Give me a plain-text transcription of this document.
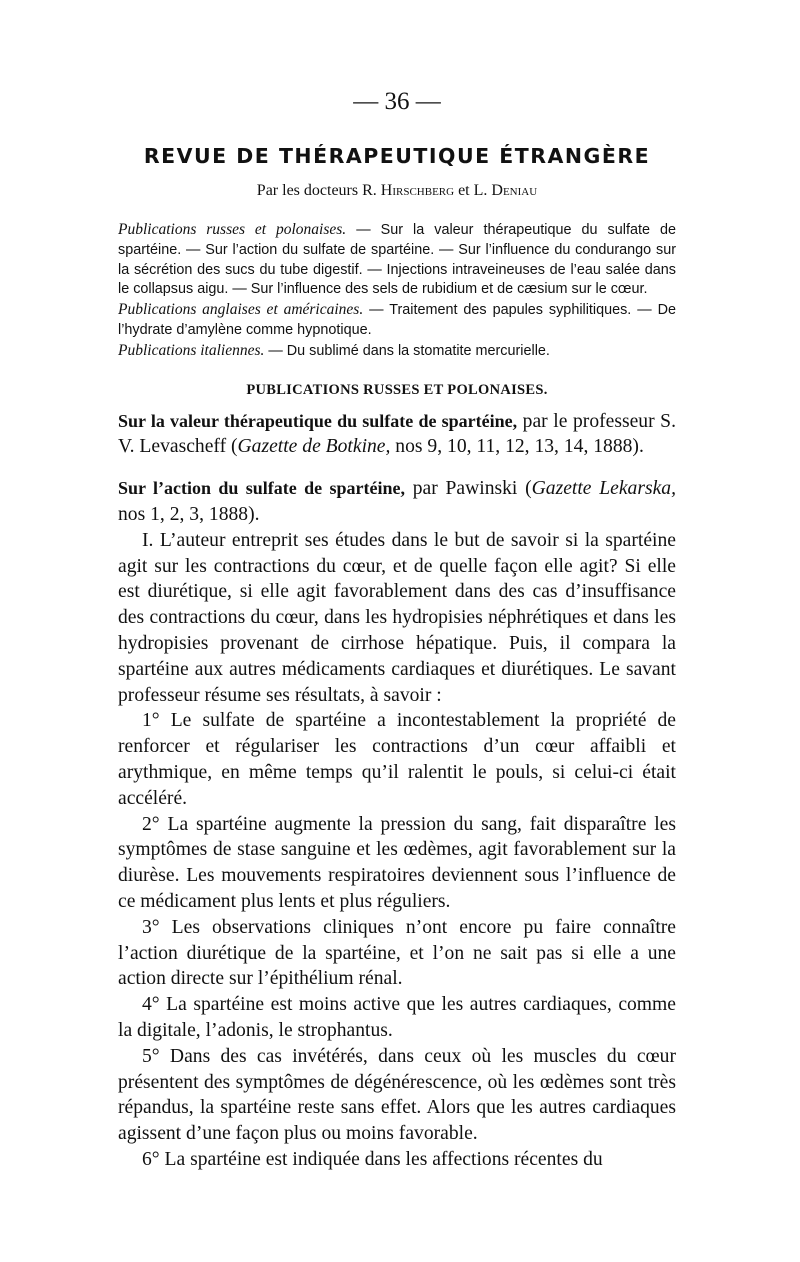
— 36 —
REVUE DE THÉRAPEUTIQUE ÉTRANGÈRE
Par les docteurs R. Hirschberg et L. Deniau

Publications russes et polonaises. — Sur la valeur thérapeutique du sulfate de spartéine. — Sur l’action du sulfate de spartéine. — Sur l’influence du condurango sur la sécrétion des sucs du tube digestif. — Injections intraveineuses de l’eau salée dans le collapsus aigu. — Sur l’influence des sels de rubidium et de cæsium sur le cœur.

Publications anglaises et américaines. — Traitement des papules syphilitiques. — De l’hydrate d’amylène comme hypnotique.

Publications italiennes. — Du sublimé dans la stomatite mercurielle.

PUBLICATIONS RUSSES ET POLONAISES.

Sur la valeur thérapeutique du sulfate de spartéine, par le professeur S. V. Levascheff (Gazette de Botkine, nos 9, 10, 11, 12, 13, 14, 1888).

Sur l’action du sulfate de spartéine, par Pawinski (Gazette Lekarska, nos 1, 2, 3, 1888).

I. L’auteur entreprit ses études dans le but de savoir si la spartéine agit sur les contractions du cœur, et de quelle façon elle agit? Si elle est diurétique, si elle agit favorablement dans des cas d’insuffisance des contractions du cœur, dans les hydropisies néphrétiques et dans les hydropisies provenant de cirrhose hépatique. Puis, il compara la spartéine aux autres médicaments cardiaques et diurétiques. Le savant professeur résume ses résultats, à savoir :

1° Le sulfate de spartéine a incontestablement la propriété de renforcer et régulariser les contractions d’un cœur affaibli et arythmique, en même temps qu’il ralentit le pouls, si celui-ci était accéléré.

2° La spartéine augmente la pression du sang, fait disparaître les symptômes de stase sanguine et les œdèmes, agit favorablement sur la diurèse. Les mouvements respiratoires deviennent sous l’influence de ce médicament plus lents et plus réguliers.

3° Les observations cliniques n’ont encore pu faire connaître l’action diurétique de la spartéine, et l’on ne sait pas si elle a une action directe sur l’épithélium rénal.

4° La spartéine est moins active que les autres cardiaques, comme la digitale, l’adonis, le strophantus.

5° Dans des cas invétérés, dans ceux où les muscles du cœur présentent des symptômes de dégénérescence, où les œdèmes sont très répandus, la spartéine reste sans effet. Alors que les autres cardiaques agissent d’une façon plus ou moins favorable.

6° La spartéine est indiquée dans les affections récentes du
